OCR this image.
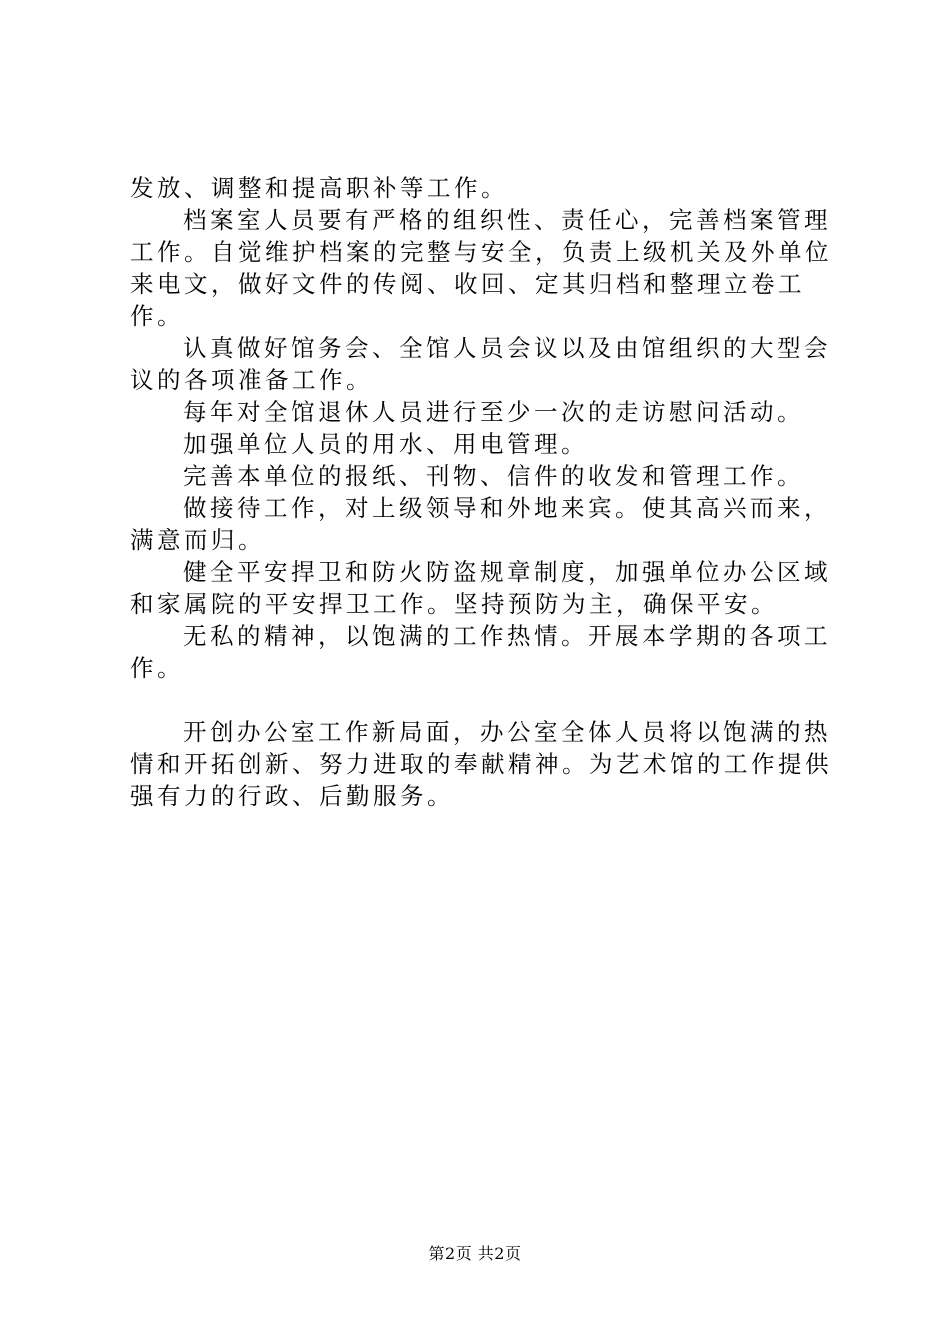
发放、调整和提高职补等工作。

档案室人员要有严格的组织性、责任心，完善档案管理工作。自觉维护档案的完整与安全，负责上级机关及外单位来电文，做好文件的传阅、收回、定其归档和整理立卷工作。

认真做好馆务会、全馆人员会议以及由馆组织的大型会议的各项准备工作。

每年对全馆退休人员进行至少一次的走访慰问活动。

加强单位人员的用水、用电管理。

完善本单位的报纸、刊物、信件的收发和管理工作。

做接待工作，对上级领导和外地来宾。使其高兴而来，满意而归。

健全平安捍卫和防火防盗规章制度，加强单位办公区域和家属院的平安捍卫工作。坚持预防为主，确保平安。

无私的精神，以饱满的工作热情。开展本学期的各项工作。

开创办公室工作新局面，办公室全体人员将以饱满的热情和开拓创新、努力进取的奉献精神。为艺术馆的工作提供强有力的行政、后勤服务。

第2页 共2页
